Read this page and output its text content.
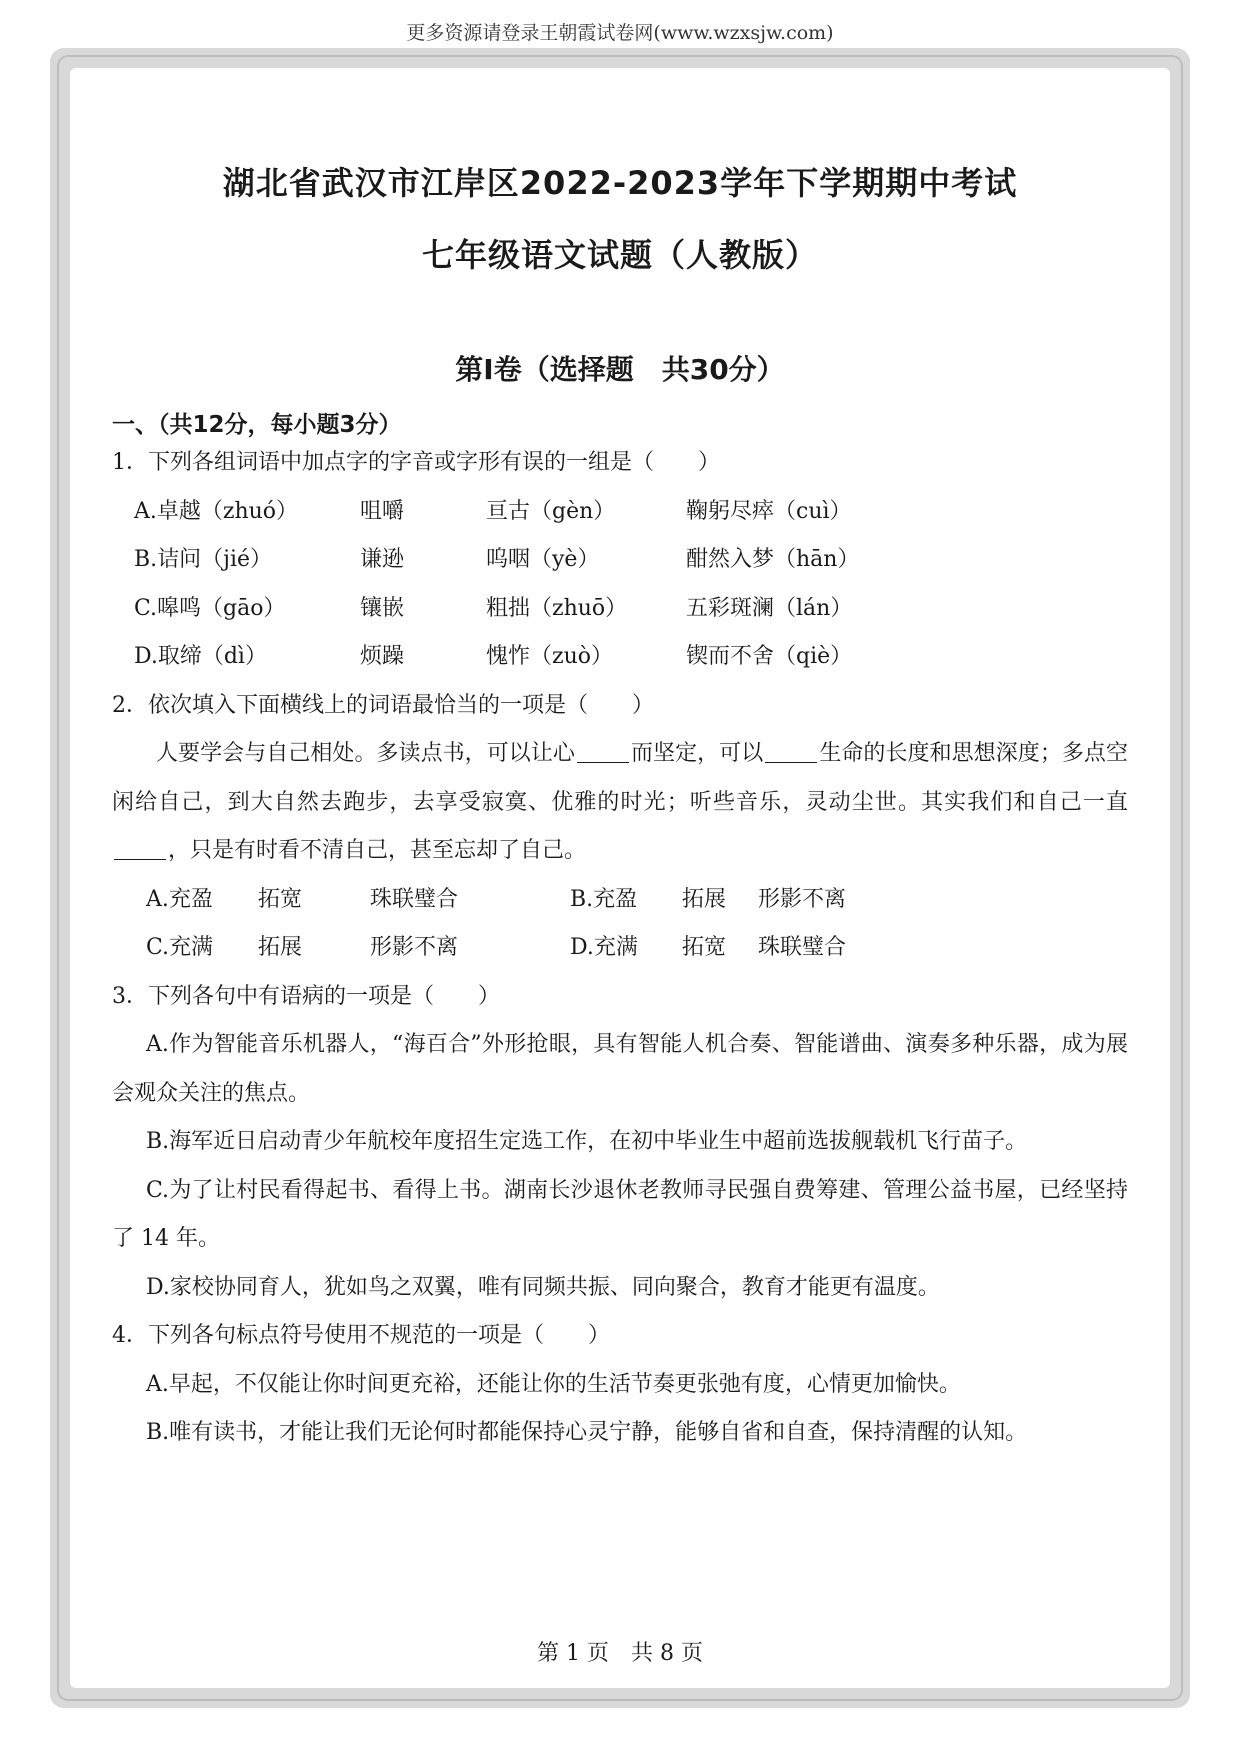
更多资源请登录王朝霞试卷网(www.wzxsjw.com)
湖北省武汉市江岸区2022-2023学年下学期期中考试
七年级语文试题（人教版）
第I卷（选择题　共30分）
一、（共12分，每小题3分）
1．下列各组词语中加点字的字音或字形有误的一组是（　　）
A.卓越（zhuó）	咀嚼	亘古（gèn）	鞠躬尽瘁（cuì）
B.诘问（jié）	谦逊	呜咽（yè）	酣然入梦（hān）
C.嗥鸣（gāo）	镶嵌	粗拙（zhuō）	五彩斑澜（lán）
D.取缔（dì）	烦躁	愧怍（zuò）	锲而不舍（qiè）
2．依次填入下面横线上的词语最恰当的一项是（　　）
人要学会与自己相处。多读点书，可以让心	而坚定，可以	生命的长度和思想深度；多点空闲给自己，到大自然去跑步，去享受寂寞、优雅的时光；听些音乐，灵动尘世。其实我们和自己一直，只是有时看不清自己，甚至忘却了自己。
A.充盈	拓宽	珠联璧合	B.充盈	拓展	形影不离
C.充满	拓展	形影不离	D.充满	拓宽	珠联璧合
3．下列各句中有语病的一项是（　　）
A.作为智能音乐机器人，“海百合”外形抢眼，具有智能人机合奏、智能谱曲、演奏多种乐器，成为展会观众关注的焦点。
B.海军近日启动青少年航校年度招生定选工作，在初中毕业生中超前选拔舰载机飞行苗子。
C.为了让村民看得起书、看得上书。湖南长沙退休老教师寻民强自费筹建、管理公益书屋，已经坚持了 14 年。
D.家校协同育人，犹如鸟之双翼，唯有同频共振、同向聚合，教育才能更有温度。
4．下列各句标点符号使用不规范的一项是（　　）
A.早起，不仅能让你时间更充裕，还能让你的生活节奏更张弛有度，心情更加愉快。
B.唯有读书，才能让我们无论何时都能保持心灵宁静，能够自省和自查，保持清醒的认知。
第 1 页　共 8 页
